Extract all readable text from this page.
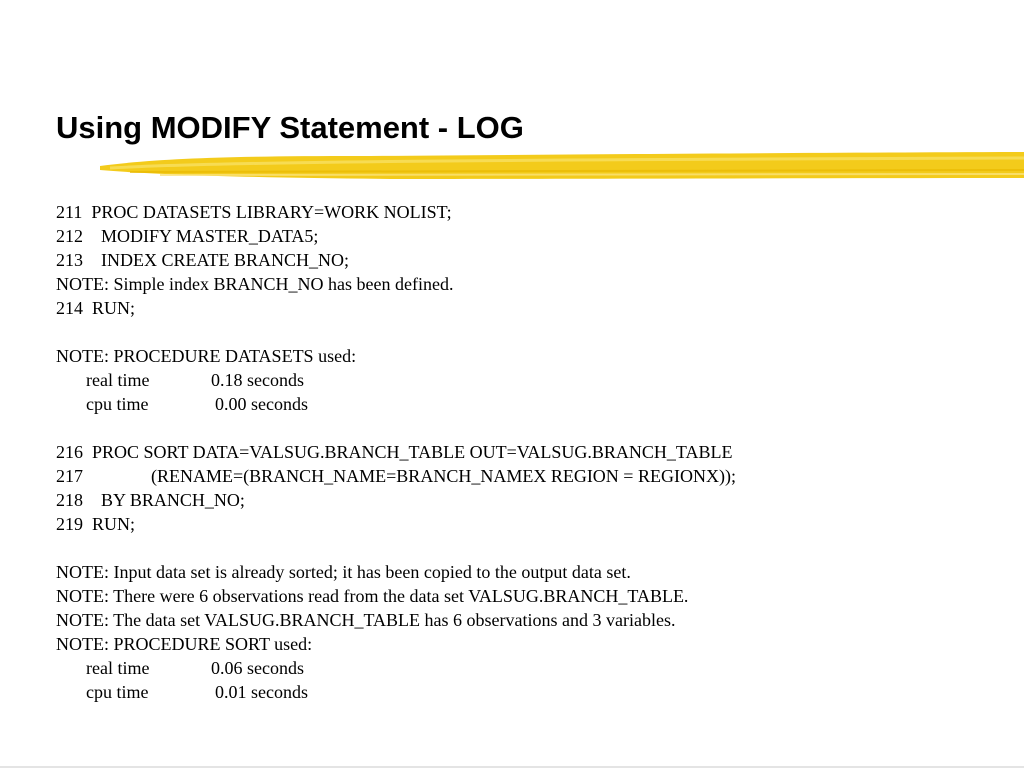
Using MODIFY Statement - LOG
211 PROC DATASETS LIBRARY=WORK NOLIST;
212 MODIFY MASTER_DATA5;
213 INDEX CREATE BRANCH_NO;
NOTE: Simple index BRANCH_NO has been defined.
214 RUN;
NOTE: PROCEDURE DATASETS used:
real time	0.18 seconds
cpu time	0.00 seconds
216 PROC SORT DATA=VALSUG.BRANCH_TABLE OUT=VALSUG.BRANCH_TABLE
217	(RENAME=(BRANCH_NAME=BRANCH_NAMEX REGION = REGIONX));
218 BY BRANCH_NO;
219 RUN;
NOTE: Input data set is already sorted; it has been copied to the output data set.
NOTE: There were 6 observations read from the data set VALSUG.BRANCH_TABLE.
NOTE: The data set VALSUG.BRANCH_TABLE has 6 observations and 3 variables.
NOTE: PROCEDURE SORT used:
real time	0.06 seconds
cpu time	0.01 seconds
